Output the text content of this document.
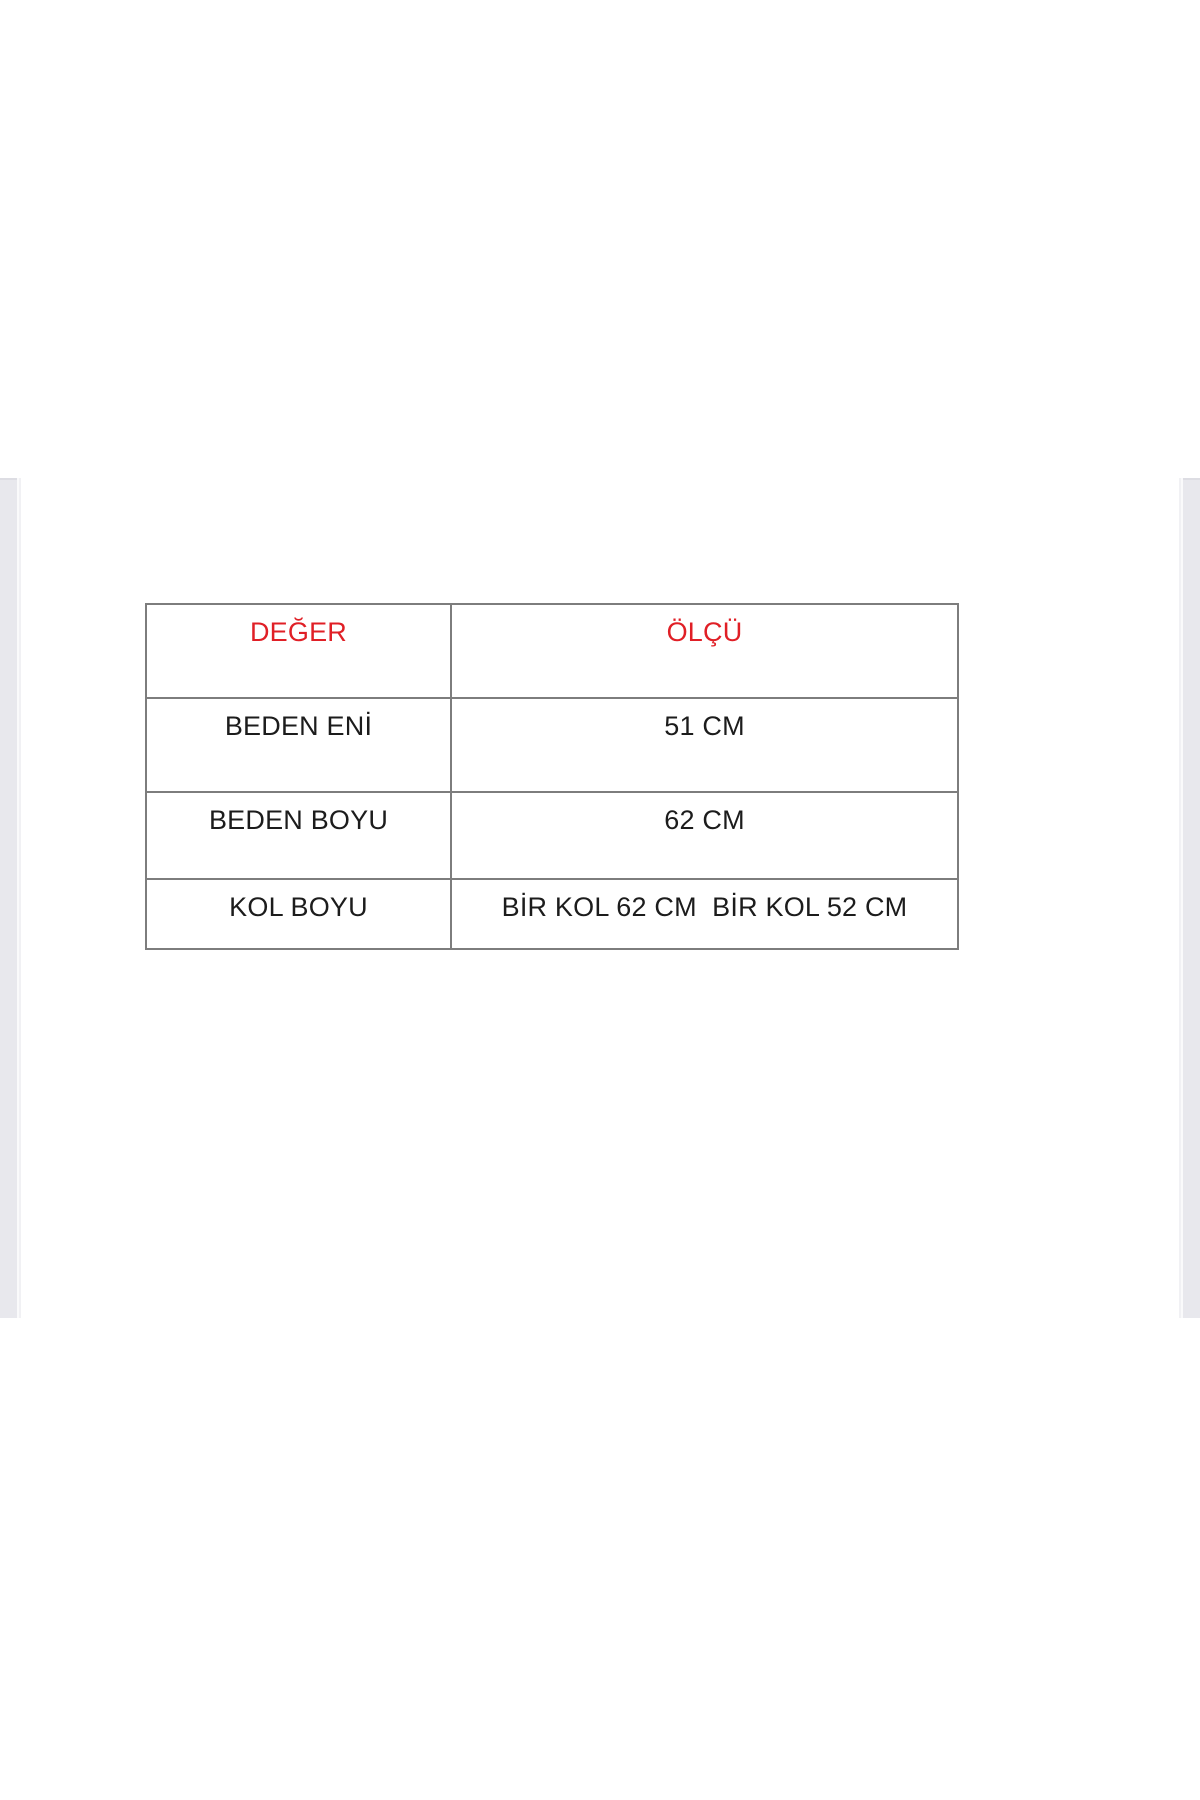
DEĞER	ÖLÇÜ
BEDEN ENİ	51 CM
BEDEN BOYU	62 CM
KOL BOYU	BİR KOL 62 CM  BİR KOL 52 CM
